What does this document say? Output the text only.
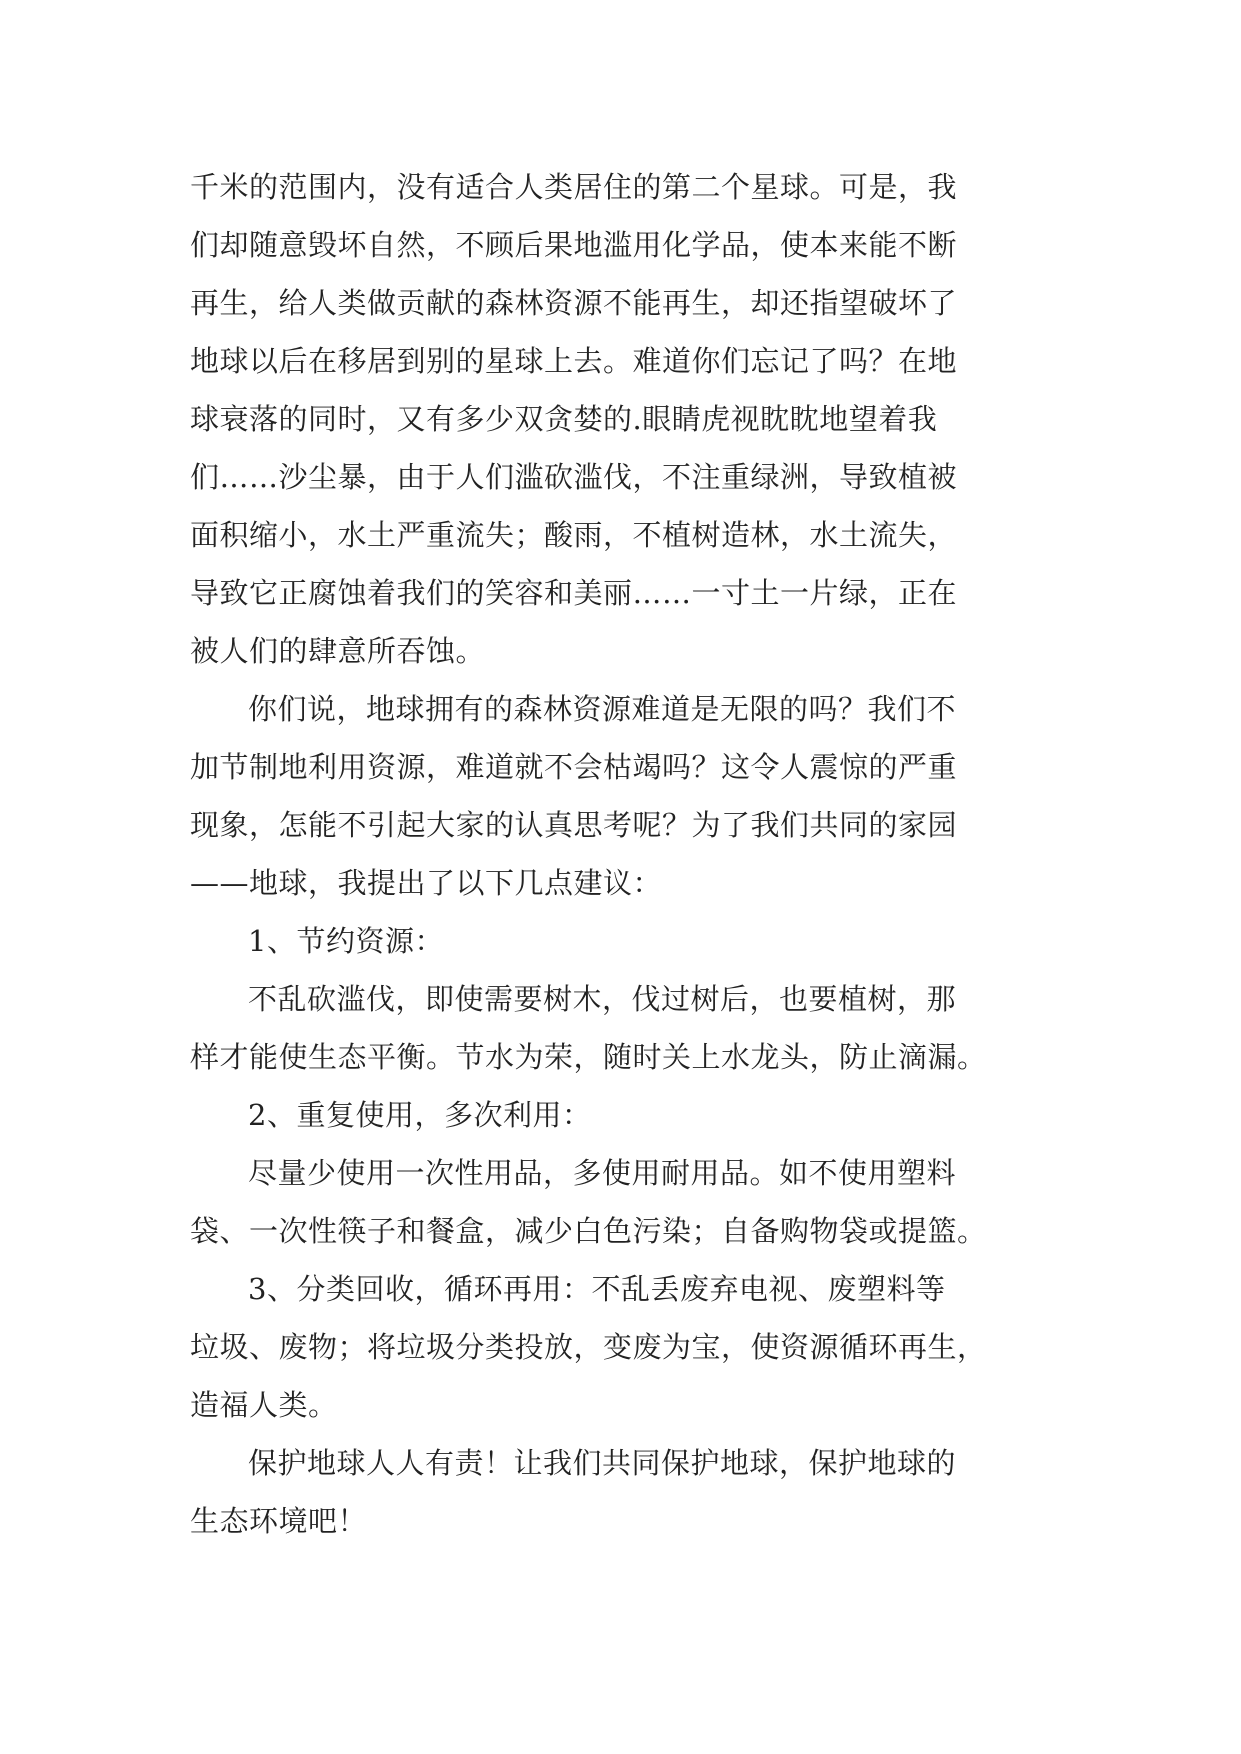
千米的范围内，没有适合人类居住的第二个星球。可是，我
们却随意毁坏自然，不顾后果地滥用化学品，使本来能不断
再生，给人类做贡献的森林资源不能再生，却还指望破坏了
地球以后在移居到别的星球上去。难道你们忘记了吗？在地
球衰落的同时，又有多少双贪婪的.眼睛虎视眈眈地望着我
们……沙尘暴，由于人们滥砍滥伐，不注重绿洲，导致植被
面积缩小，水土严重流失；酸雨，不植树造林，水土流失，
导致它正腐蚀着我们的笑容和美丽……一寸土一片绿，正在
被人们的肆意所吞蚀。
你们说，地球拥有的森林资源难道是无限的吗？我们不
加节制地利用资源，难道就不会枯竭吗？这令人震惊的严重
现象，怎能不引起大家的认真思考呢？为了我们共同的家园
——地球，我提出了以下几点建议：
1、节约资源：
不乱砍滥伐，即使需要树木，伐过树后，也要植树，那
样才能使生态平衡。节水为荣，随时关上水龙头，防止滴漏。
2、重复使用，多次利用：
尽量少使用一次性用品，多使用耐用品。如不使用塑料
袋、一次性筷子和餐盒，减少白色污染；自备购物袋或提篮。
3、分类回收，循环再用：不乱丢废弃电视、废塑料等
垃圾、废物；将垃圾分类投放，变废为宝，使资源循环再生，
造福人类。
保护地球人人有责！让我们共同保护地球，保护地球的
生态环境吧！
